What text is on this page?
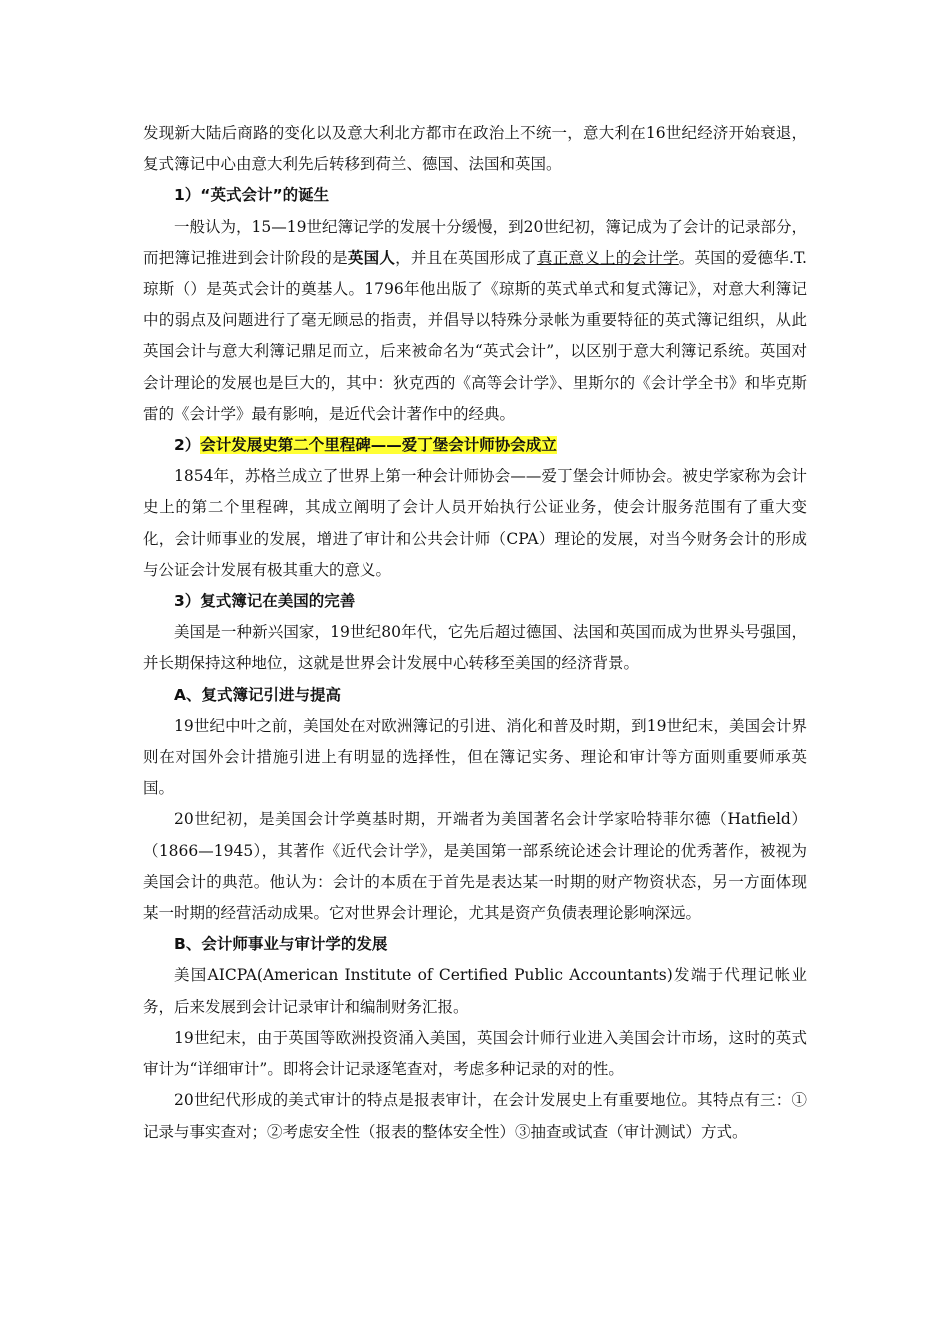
发现新大陆后商路的变化以及意大利北方都市在政治上不统一，意大利在16世纪经济开始衰退，复式簿记中心由意大利先后转移到荷兰、德国、法国和英国。

1）“英式会计”的诞生

一般认为，15—19世纪簿记学的发展十分缓慢，到20世纪初，簿记成为了会计的记录部分，而把簿记推进到会计阶段的是英国人，并且在英国形成了真正意义上的会计学。英国的爱德华.T.琼斯（）是英式会计的奠基人。1796年他出版了《琼斯的英式单式和复式簿记》，对意大利簿记中的弱点及问题进行了毫无顾忌的指责，并倡导以特殊分录帐为重要特征的英式簿记组织，从此英国会计与意大利簿记鼎足而立，后来被命名为“英式会计”，以区别于意大利簿记系统。英国对会计理论的发展也是巨大的，其中：狄克西的《高等会计学》、里斯尔的《会计学全书》和毕克斯雷的《会计学》最有影响，是近代会计著作中的经典。

2）会计发展史第二个里程碑——爱丁堡会计师协会成立

1854年，苏格兰成立了世界上第一种会计师协会——爱丁堡会计师协会。被史学家称为会计史上的第二个里程碑，其成立阐明了会计人员开始执行公证业务，使会计服务范围有了重大变化，会计师事业的发展，增进了审计和公共会计师（CPA）理论的发展，对当今财务会计的形成与公证会计发展有极其重大的意义。

3）复式簿记在美国的完善

美国是一种新兴国家，19世纪80年代，它先后超过德国、法国和英国而成为世界头号强国，并长期保持这种地位，这就是世界会计发展中心转移至美国的经济背景。

A、复式簿记引进与提高

19世纪中叶之前，美国处在对欧洲簿记的引进、消化和普及时期，到19世纪末，美国会计界则在对国外会计措施引进上有明显的选择性，但在簿记实务、理论和审计等方面则重要师承英国。

20世纪初，是美国会计学奠基时期，开端者为美国著名会计学家哈特菲尔德（Hatfield）（1866—1945），其著作《近代会计学》，是美国第一部系统论述会计理论的优秀著作，被视为美国会计的典范。他认为：会计的本质在于首先是表达某一时期的财产物资状态，另一方面体现某一时期的经营活动成果。它对世界会计理论，尤其是资产负债表理论影响深远。

B、会计师事业与审计学的发展

美国AICPA(American Institute of Certified Public Accountants)发端于代理记帐业务，后来发展到会计记录审计和编制财务汇报。

19世纪末，由于英国等欧洲投资涌入美国，英国会计师行业进入美国会计市场，这时的英式审计为“详细审计”。即将会计记录逐笔查对，考虑多种记录的对的性。

20世纪代形成的美式审计的特点是报表审计，在会计发展史上有重要地位。其特点有三：①记录与事实查对；②考虑安全性（报表的整体安全性）③抽查或试查（审计测试）方式。
